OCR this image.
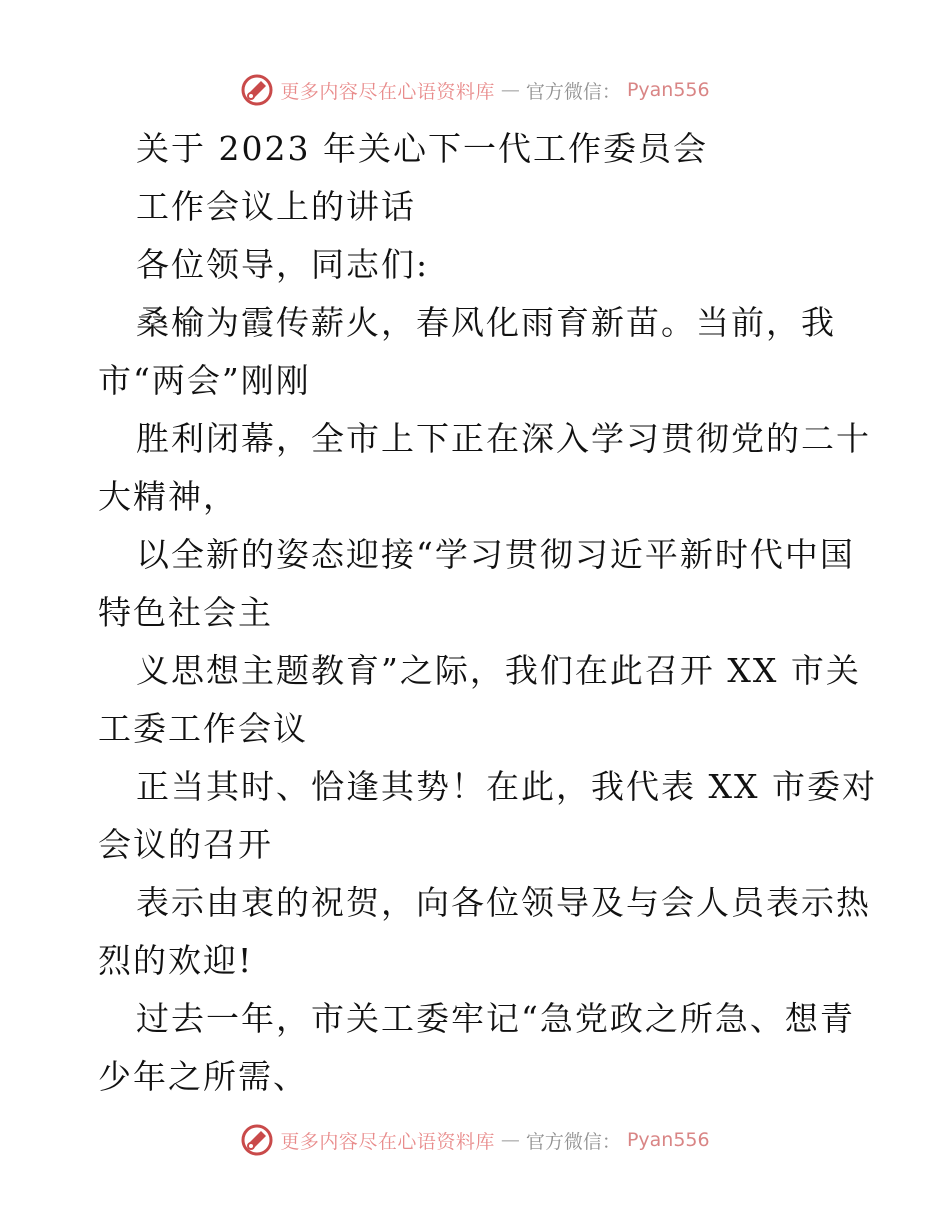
更多内容尽在心语资料库 — 官方微信： Pyan556

关于 2023 年关心下一代工作委员会

工作会议上的讲话

各位领导，同志们:

桑榆为霞传薪火，春风化雨育新苗。当前，我
市“两会”刚刚

胜利闭幕，全市上下正在深入学习贯彻党的二十
大精神，

以全新的姿态迎接“学习贯彻习近平新时代中国
特色社会主

义思想主题教育”之际，我们在此召开 XX 市关
工委工作会议

正当其时、恰逢其势！在此，我代表 XX 市委对
会议的召开

表示由衷的祝贺，向各位领导及与会人员表示热
烈的欢迎!

过去一年，市关工委牢记“急党政之所急、想青
少年之所需、

更多内容尽在心语资料库 — 官方微信： Pyan556
